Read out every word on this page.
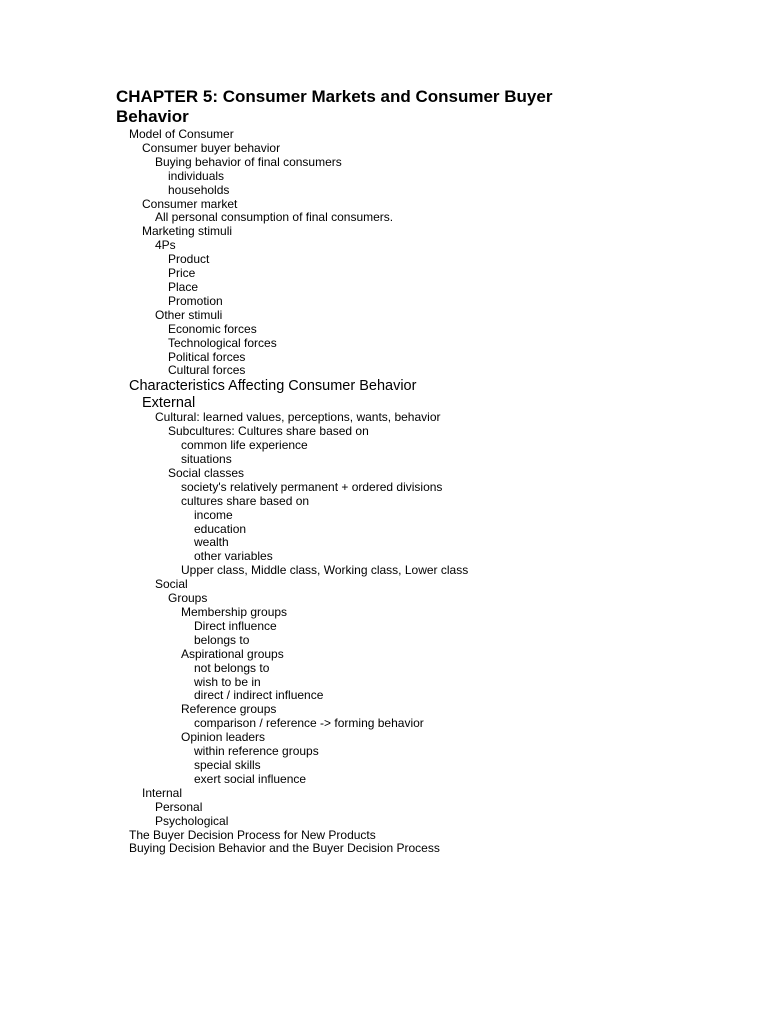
CHAPTER 5: Consumer Markets and Consumer Buyer Behavior
Model of Consumer
Consumer buyer behavior
Buying behavior of final consumers
individuals
households
Consumer market
All personal consumption of final consumers.
Marketing stimuli
4Ps
Product
Price
Place
Promotion
Other stimuli
Economic forces
Technological forces
Political forces
Cultural forces
Characteristics Affecting Consumer Behavior
External
Cultural: learned values, perceptions, wants, behavior
Subcultures: Cultures share based on
common life experience
situations
Social classes
society's relatively permanent + ordered divisions
cultures share based on
income
education
wealth
other variables
Upper class, Middle class, Working class, Lower class
Social
Groups
Membership groups
Direct influence
belongs to
Aspirational groups
not belongs to
wish to be in
direct / indirect influence
Reference groups
comparison / reference -> forming behavior
Opinion leaders
within reference groups
special skills
exert social influence
Internal
Personal
Psychological
The Buyer Decision Process for New Products
Buying Decision Behavior and the Buyer Decision Process
